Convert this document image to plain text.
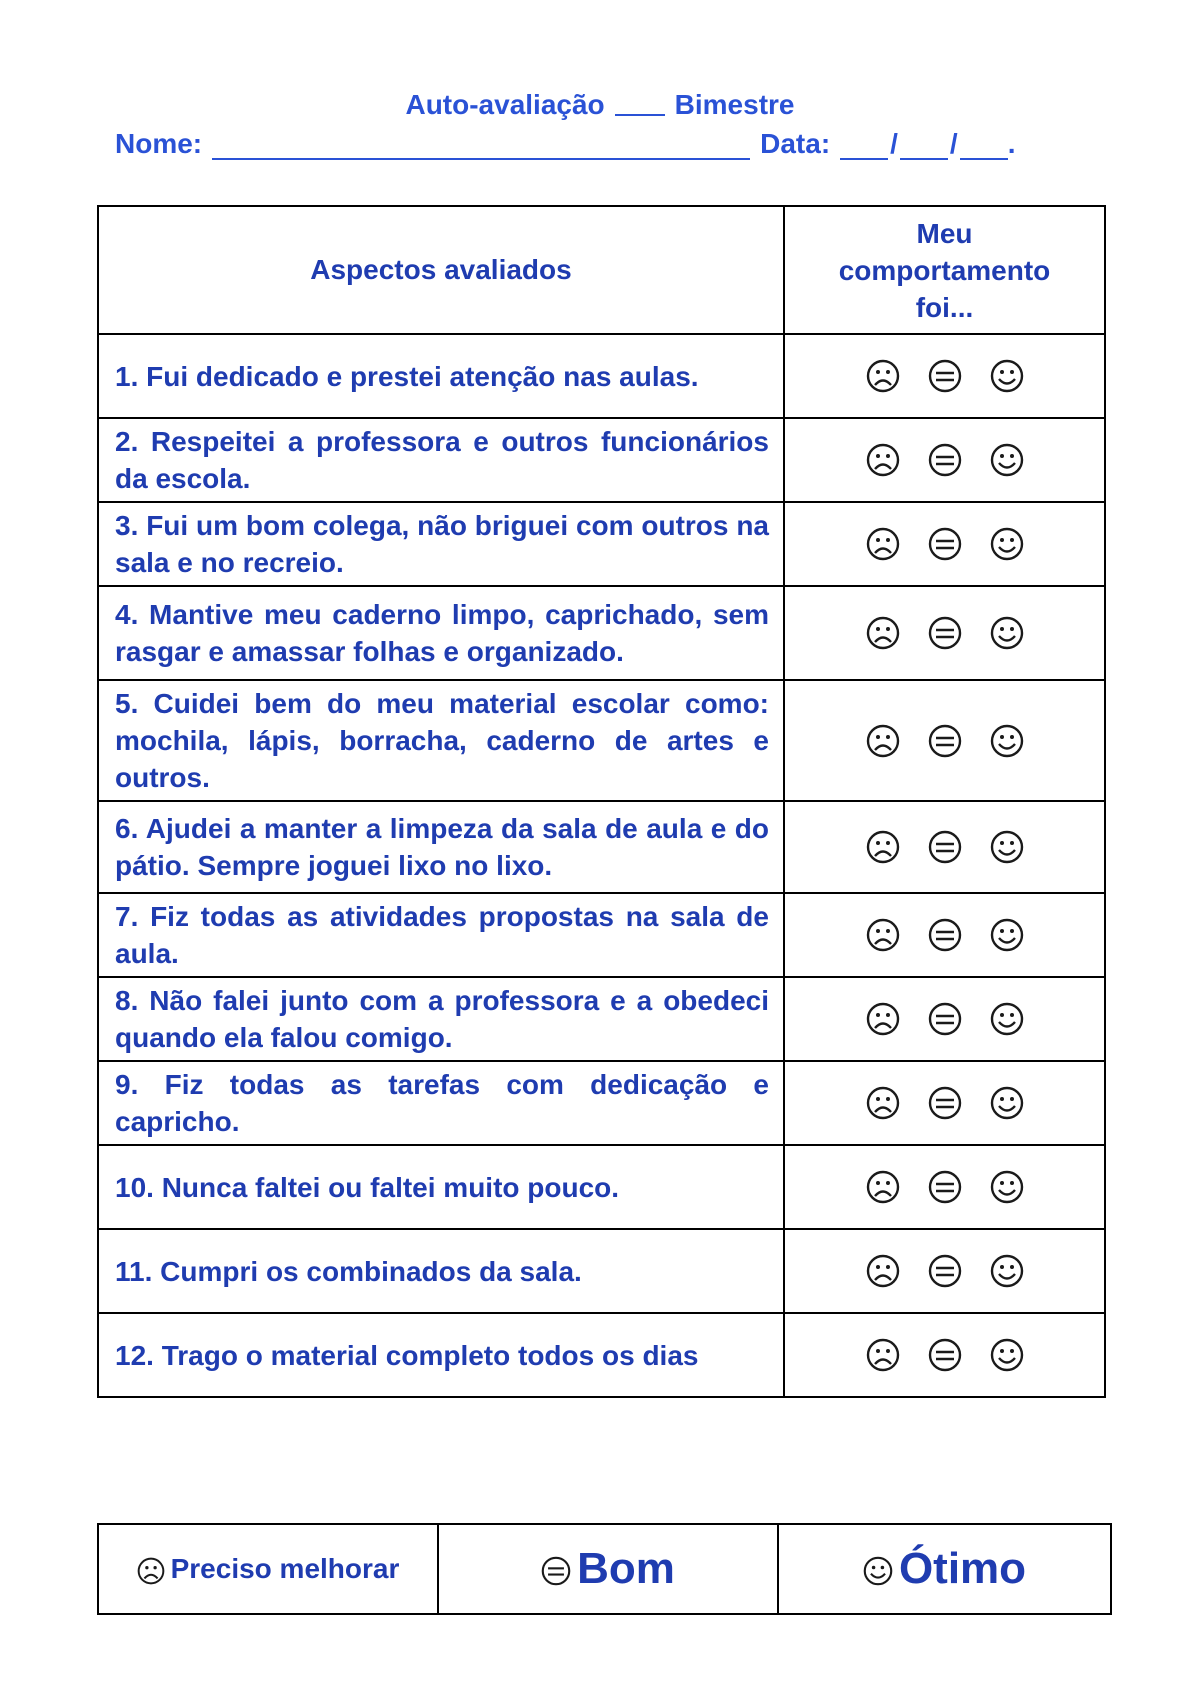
Auto-avaliação	Bimestre
Nome:	Data: / / .
Aspectos avaliados	Meu comportamento foi...
1. Fui dedicado e prestei atenção nas aulas.	

2. Respeitei a professora e outros funcionários da escola.	

3. Fui um bom colega, não briguei com outros na sala e no recreio.	

4. Mantive meu caderno limpo, caprichado, sem rasgar e amassar folhas e organizado.	

5. Cuidei bem do meu material escolar como: mochila, lápis, borracha, caderno de artes e outros.	

6. Ajudei a manter a limpeza da sala de aula e do pátio. Sempre joguei lixo no lixo.	

7. Fiz todas as atividades propostas na sala de aula.	

8. Não falei junto com a professora e a obedeci quando ela falou comigo.	

9. Fiz todas as tarefas com dedicação e capricho.	

10. Nunca faltei ou faltei muito pouco.	

11. Cumpri os combinados da sala.	

12. Trago o material completo todos os dias	
Preciso melhorar	Bom	Ótimo
